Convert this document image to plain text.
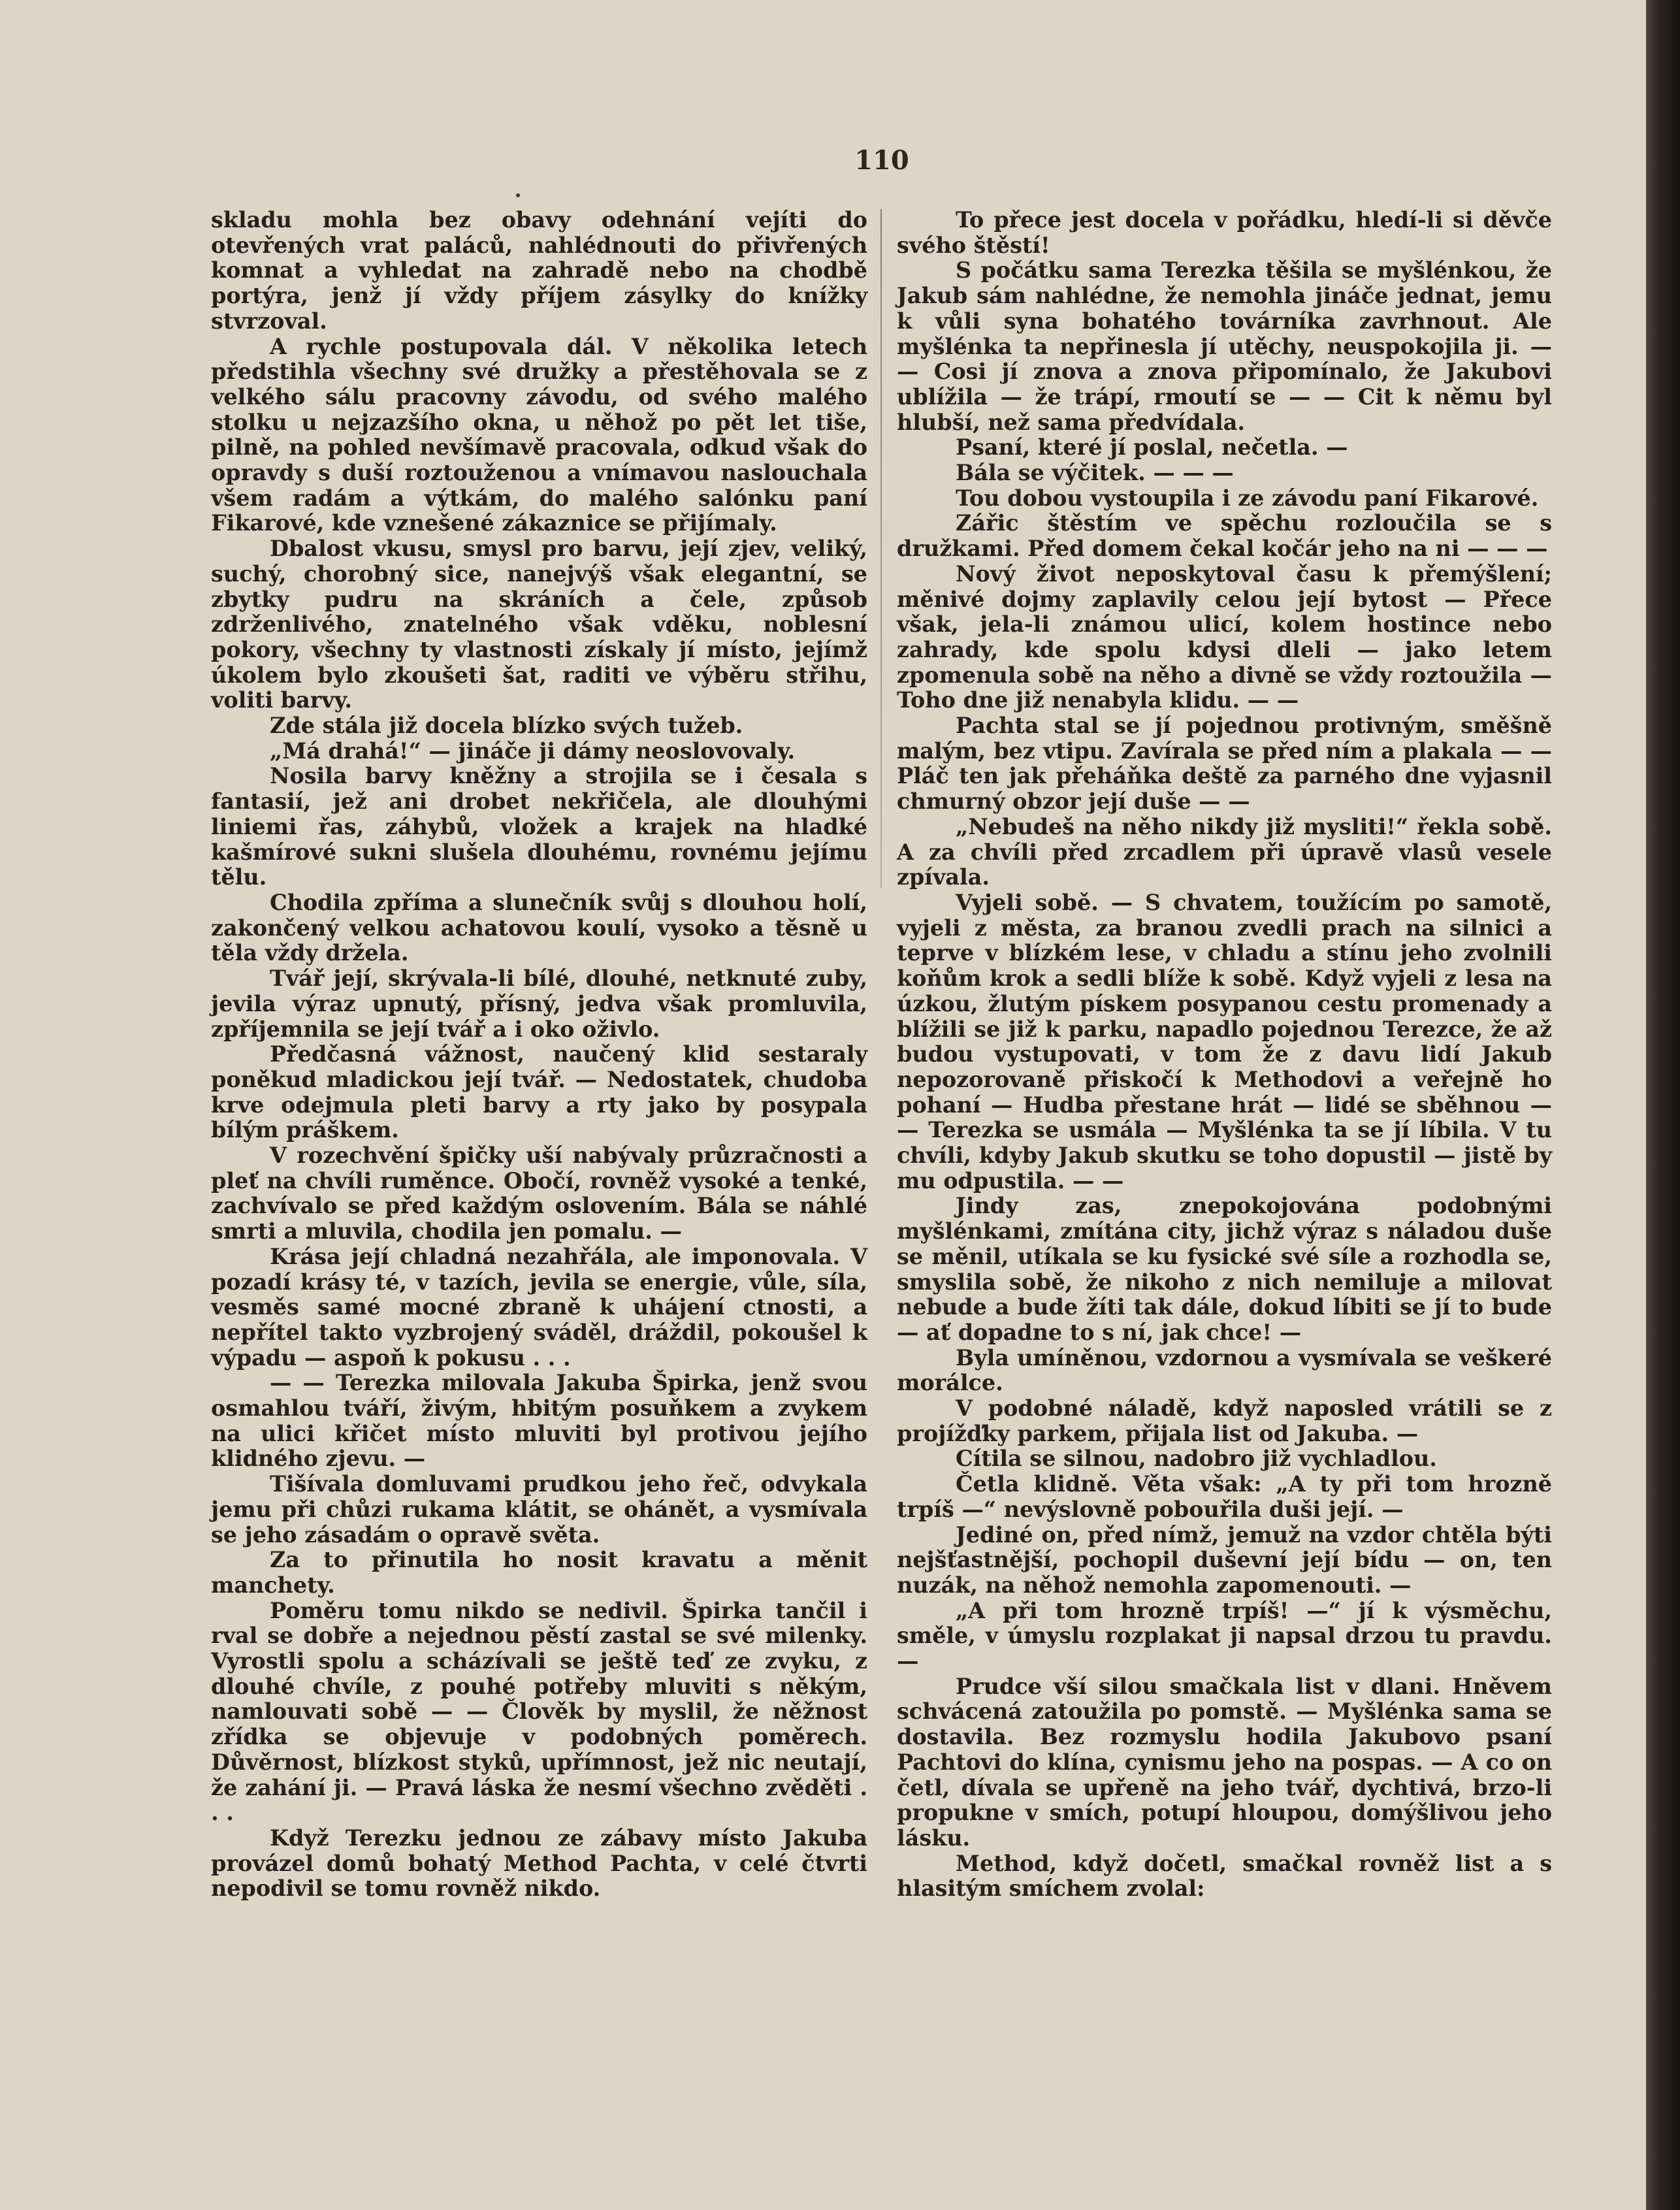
110

skladu mohla bez obavy odehnání vejíti do otevřených vrat paláců, nahlédnouti do přivřených komnat a vyhledat na zahradě nebo na chodbě portýra, jenž jí vždy příjem zásylky do knížky stvrzoval.

A rychle postupovala dál. V několika letech předstihla všechny své družky a přestěhovala se z velkého sálu pracovny závodu, od svého malého stolku u nejzazšího okna, u něhož po pět let tiše, pilně, na pohled nevšímavě pracovala, odkud však do opravdy s duší roztouženou a vnímavou naslouchala všem radám a výtkám, do malého salónku paní Fikarové, kde vznešené zákaznice se přijímaly.

Dbalost vkusu, smysl pro barvu, její zjev, veliký, suchý, chorobný sice, nanejvýš však elegantní, se zbytky pudru na skráních a čele, způsob zdrženlivého, znatelného však vděku, noblesní pokory, všechny ty vlastnosti získaly jí místo, jejímž úkolem bylo zkoušeti šat, raditi ve výběru střihu, voliti barvy.

Zde stála již docela blízko svých tužeb.

„Má drahá!“ — jináče ji dámy neoslovovaly.

Nosila barvy kněžny a strojila se i česala s fantasií, jež ani drobet nekřičela, ale dlouhými liniemi řas, záhybů, vložek a krajek na hladké kašmírové sukni slušela dlouhému, rovnému jejímu tělu.

Chodila zpříma a slunečník svůj s dlouhou holí, zakončený velkou achatovou koulí, vysoko a těsně u těla vždy držela.

Tvář její, skrývala-li bílé, dlouhé, netknuté zuby, jevila výraz upnutý, přísný, jedva však promluvila, zpříjemnila se její tvář a i oko oživlo.

Předčasná vážnost, naučený klid sestaraly poněkud mladickou její tvář. — Nedostatek, chudoba krve odejmula pleti barvy a rty jako by posypala bílým práškem.

V rozechvění špičky uší nabývaly průzračnosti a pleť na chvíli ruměnce. Obočí, rovněž vysoké a tenké, zachvívalo se před každým oslovením. Bála se náhlé smrti a mluvila, chodila jen pomalu. —

Krása její chladná nezahřála, ale imponovala. V pozadí krásy té, v tazích, jevila se energie, vůle, síla, vesměs samé mocné zbraně k uhájení ctnosti, a nepřítel takto vyzbrojený sváděl, dráždil, pokoušel k výpadu — aspoň k pokusu . . .

— — Terezka milovala Jakuba Špirka, jenž svou osmahlou tváří, živým, hbitým posuňkem a zvykem na ulici křičet místo mluviti byl protivou jejího klidného zjevu. —

Tišívala domluvami prudkou jeho řeč, odvykala jemu při chůzi rukama klátit, se ohánět, a vysmívala se jeho zásadám o opravě světa.

Za to přinutila ho nosit kravatu a měnit manchety.

Poměru tomu nikdo se nedivil. Špirka tančil i rval se dobře a nejednou pěstí zastal se své milenky. Vyrostli spolu a scházívali se ještě teď ze zvyku, z dlouhé chvíle, z pouhé potřeby mluviti s někým, namlouvati sobě — — Člověk by myslil, že něžnost zřídka se objevuje v podobných poměrech. Důvěrnost, blízkost styků, upřímnost, jež nic neutají, že zahání ji. — Pravá láska že nesmí všechno zvěděti . . .

Když Terezku jednou ze zábavy místo Jakuba provázel domů bohatý Method Pachta, v celé čtvrti nepodivil se tomu rovněž nikdo.

To přece jest docela v pořádku, hledí-li si děvče svého štěstí!

S počátku sama Terezka těšila se myšlénkou, že Jakub sám nahlédne, že nemohla jináče jednat, jemu k vůli syna bohatého továrníka zavrhnout. Ale myšlénka ta nepřinesla jí utěchy, neuspokojila ji. — — Cosi jí znova a znova připomínalo, že Jakubovi ublížila — že trápí, rmoutí se — — Cit k němu byl hlubší, než sama předvídala.

Psaní, které jí poslal, nečetla. —

Bála se výčitek. — — —

Tou dobou vystoupila i ze závodu paní Fikarové.

Zářic štěstím ve spěchu rozloučila se s družkami. Před domem čekal kočár jeho na ni — — —

Nový život neposkytoval času k přemýšlení; měnivé dojmy zaplavily celou její bytost — Přece však, jela-li známou ulicí, kolem hostince nebo zahrady, kde spolu kdysi dleli — jako letem zpomenula sobě na něho a divně se vždy roztoužila — Toho dne již nenabyla klidu. — —

Pachta stal se jí pojednou protivným, směšně malým, bez vtipu. Zavírala se před ním a plakala — — Pláč ten jak přeháňka deště za parného dne vyjasnil chmurný obzor její duše — —

„Nebudeš na něho nikdy již mysliti!“ řekla sobě. A za chvíli před zrcadlem při úpravě vlasů vesele zpívala.

Vyjeli sobě. — S chvatem, toužícím po samotě, vyjeli z města, za branou zvedli prach na silnici a teprve v blízkém lese, v chladu a stínu jeho zvolnili koňům krok a sedli blíže k sobě. Když vyjeli z lesa na úzkou, žlutým pískem posypanou cestu promenady a blížili se již k parku, napadlo pojednou Terezce, že až budou vystupovati, v tom že z davu lidí Jakub nepozorovaně přiskočí k Methodovi a veřejně ho pohaní — Hudba přestane hrát — lidé se sběhnou — — Terezka se usmála — Myšlénka ta se jí líbila. V tu chvíli, kdyby Jakub skutku se toho dopustil — jistě by mu odpustila. — —

Jindy zas, znepokojována podobnými myšlénkami, zmítána city, jichž výraz s náladou duše se měnil, utíkala se ku fysické své síle a rozhodla se, smyslila sobě, že nikoho z nich nemiluje a milovat nebude a bude žíti tak dále, dokud líbiti se jí to bude — ať dopadne to s ní, jak chce! —

Byla umíněnou, vzdornou a vysmívala se veškeré morálce.

V podobné náladě, když naposled vrátili se z projížďky parkem, přijala list od Jakuba. —

Cítila se silnou, nadobro již vychladlou.

Četla klidně. Věta však: „A ty při tom hrozně trpíš —“ nevýslovně pobouřila duši její. —

Jediné on, před nímž, jemuž na vzdor chtěla býti nejšťastnější, pochopil duševní její bídu — on, ten nuzák, na něhož nemohla zapomenouti. —

„A při tom hrozně trpíš! —“ jí k výsměchu, směle, v úmyslu rozplakat ji napsal drzou tu pravdu. —

Prudce vší silou smačkala list v dlani. Hněvem schvácená zatoužila po pomstě. — Myšlénka sama se dostavila. Bez rozmyslu hodila Jakubovo psaní Pachtovi do klína, cynismu jeho na pospas. — A co on četl, dívala se upřeně na jeho tvář, dychtivá, brzo-li propukne v smích, potupí hloupou, domýšlivou jeho lásku.

Method, když dočetl, smačkal rovněž list a s hlasitým smíchem zvolal:
